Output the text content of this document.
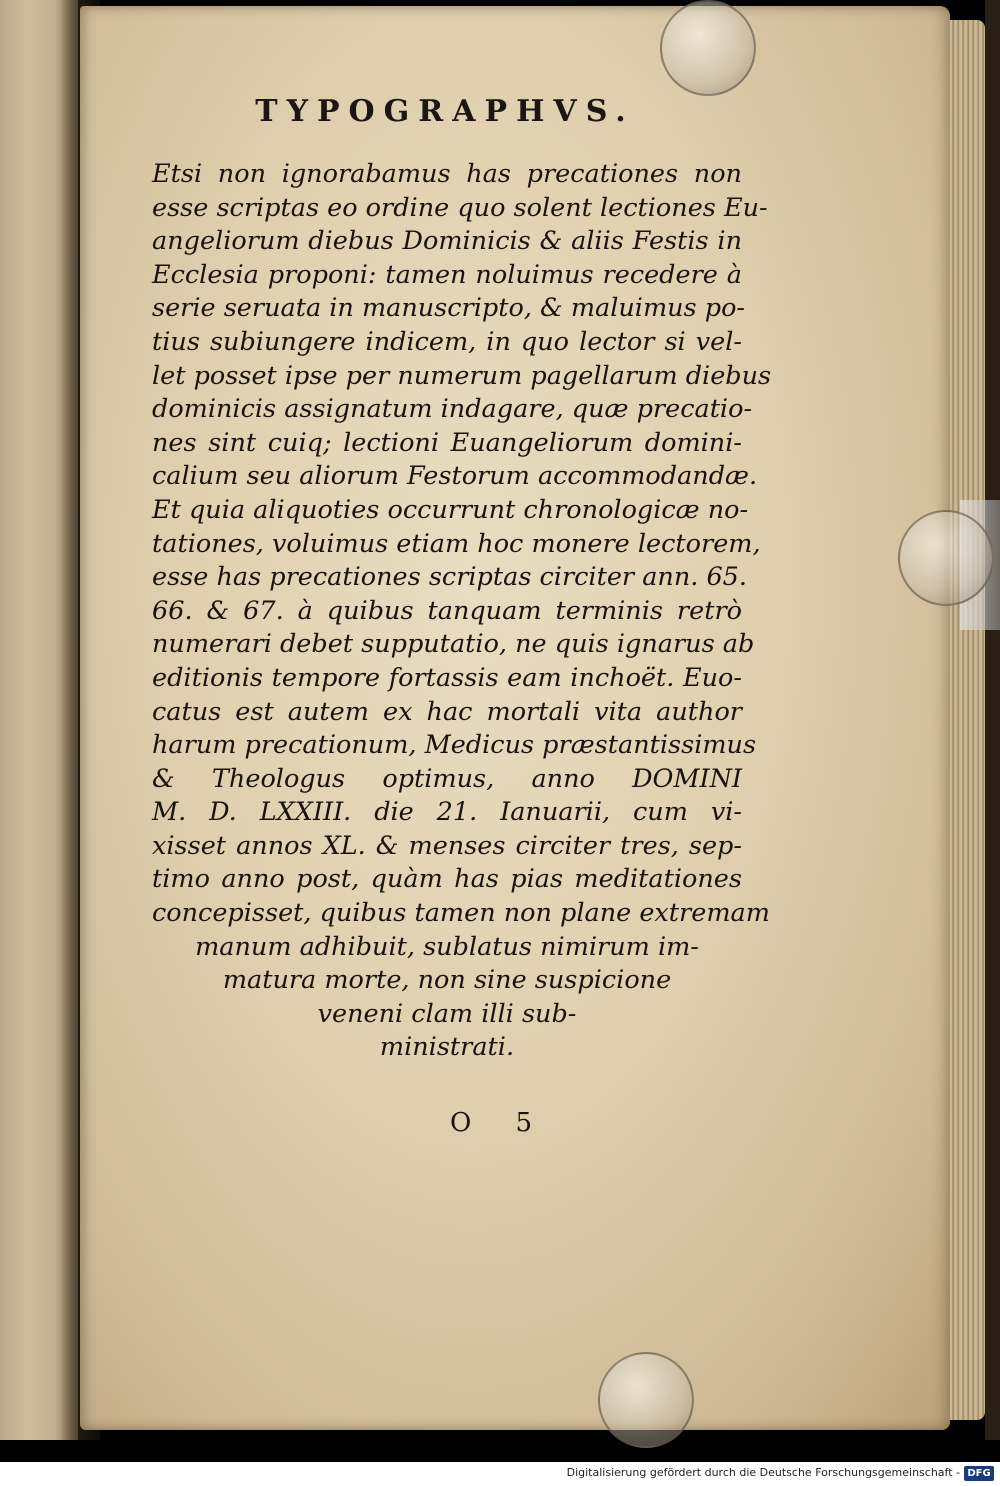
TYPOGRAPHVS.
Etsi non ignorabamus has precationes non
esse scriptas eo ordine quo solent lectiones Eu-
angeliorum diebus Dominicis & aliis Festis in
Ecclesia proponi: tamen noluimus recedere à
serie seruata in manuscripto, & maluimus po-
tius subiungere indicem, in quo lector si vel-
let posset ipse per numerum pagellarum diebus
dominicis assignatum indagare, quæ precatio-
nes sint cuiq; lectioni Euangeliorum domini-
calium seu aliorum Festorum accommodandæ.
Et quia aliquoties occurrunt chronologicæ no-
tationes, voluimus etiam hoc monere lectorem,
esse has precationes scriptas circiter ann. 65.
66. & 67. à quibus tanquam terminis retrò
numerari debet supputatio, ne quis ignarus ab
editionis tempore fortassis eam inchoët. Euo-
catus est autem ex hac mortali vita author
harum precationum, Medicus præstantissimus
& Theologus optimus, anno DOMINI
M. D. LXXIII. die 21. Ianuarii, cum vi-
xisset annos XL. & menses circiter tres, sep-
timo anno post, quàm has pias meditationes
concepisset, quibus tamen non plane extremam
manum adhibuit, sublatus nimirum im-
matura morte, non sine suspicione
veneni clam illi sub-
ministrati.
O 5
Digitalisierung gefördert durch die Deutsche Forschungsgemeinschaft - DFG
